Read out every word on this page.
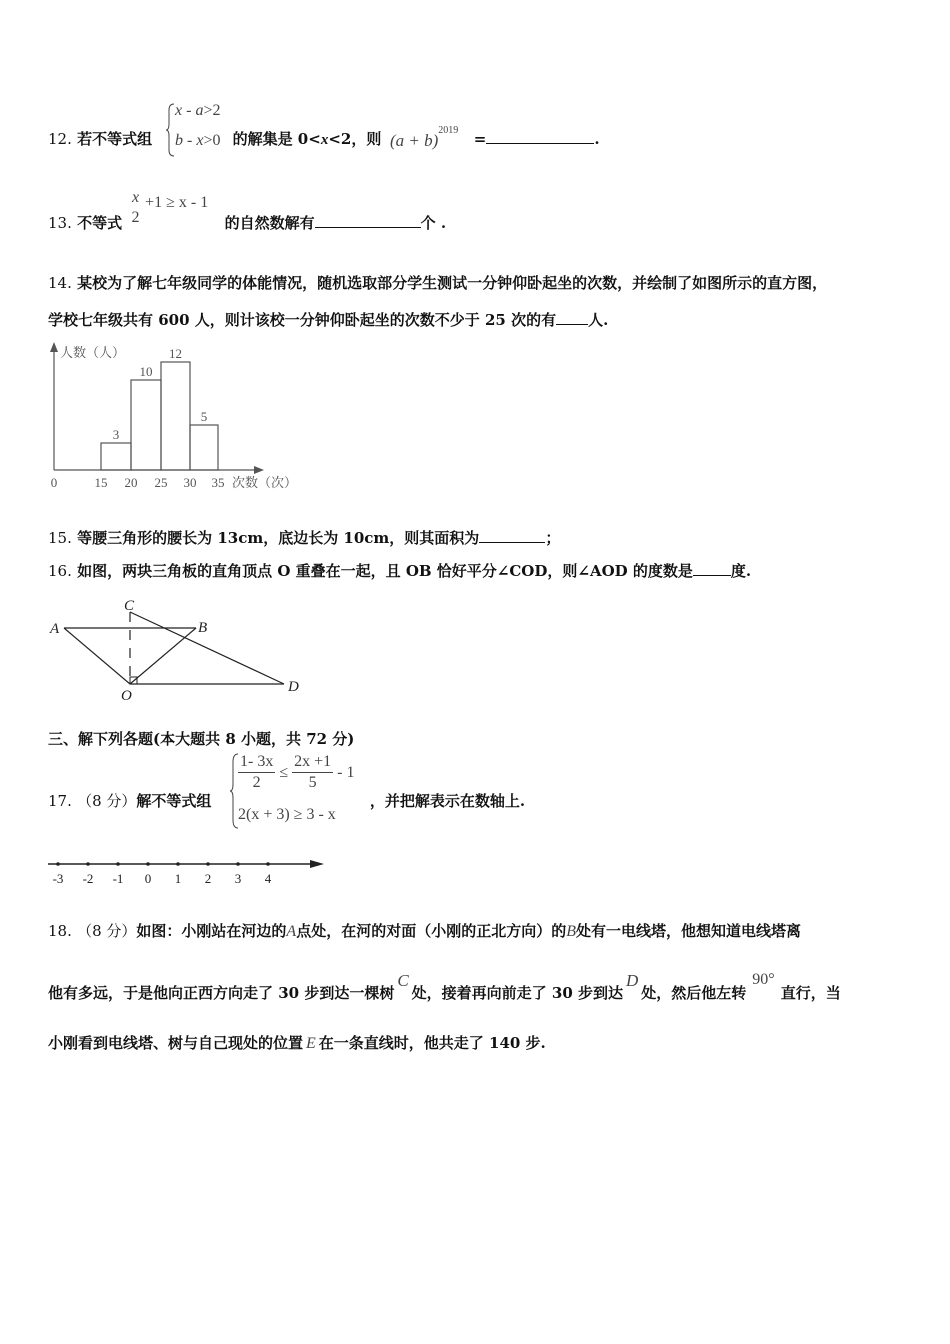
12. 若不等式组	的解集是 0<x<2，则	=	.
x - a>2
b - x>0	$(a + b)^{2019}$
13. 不等式	的自然数解有	个 .
x
2
+1 ≥ x - 1
14. 某校为了解七年级同学的体能情况，随机选取部分学生测试一分钟仰卧起坐的次数，并绘制了如图所示的直方图，
学校七年级共有 600 人，则计该校一分钟仰卧起坐的次数不少于 25 次的有 人.
人数（人）
次数（次）
3
10
12
5
0	15 20 25 30 35
15. 等腰三角形的腰长为 13cm，底边长为 10cm，则其面积为	；
16. 如图，两块三角板的直角顶点 O 重叠在一起，且 OB 恰好平分∠COD，则∠AOD 的度数是	度.
A	B
C
O
D
三、解下列各题(本大题共 8 小题，共 72 分)
17. （8 分）解不等式组	，并把解表示在数轴上.
$\frac{1- 3x}{2} \le \frac{2x +1}{5} - 1$
2(x + 3) ≥ 3 - x
-3 -2 -1 0 1 2 3 4
18. （8 分）如图：小刚站在河边的A点处，在河的对面（小刚的正北方向）的B处有一电线塔，他想知道电线塔离
他有多远，于是他向正西方向走了 30 步到达一棵树C处，接着再向前走了 30 步到达D处，然后他左转90°直行，当
小刚看到电线塔、树与自己现处的位置 E 在一条直线时，他共走了 140 步.
